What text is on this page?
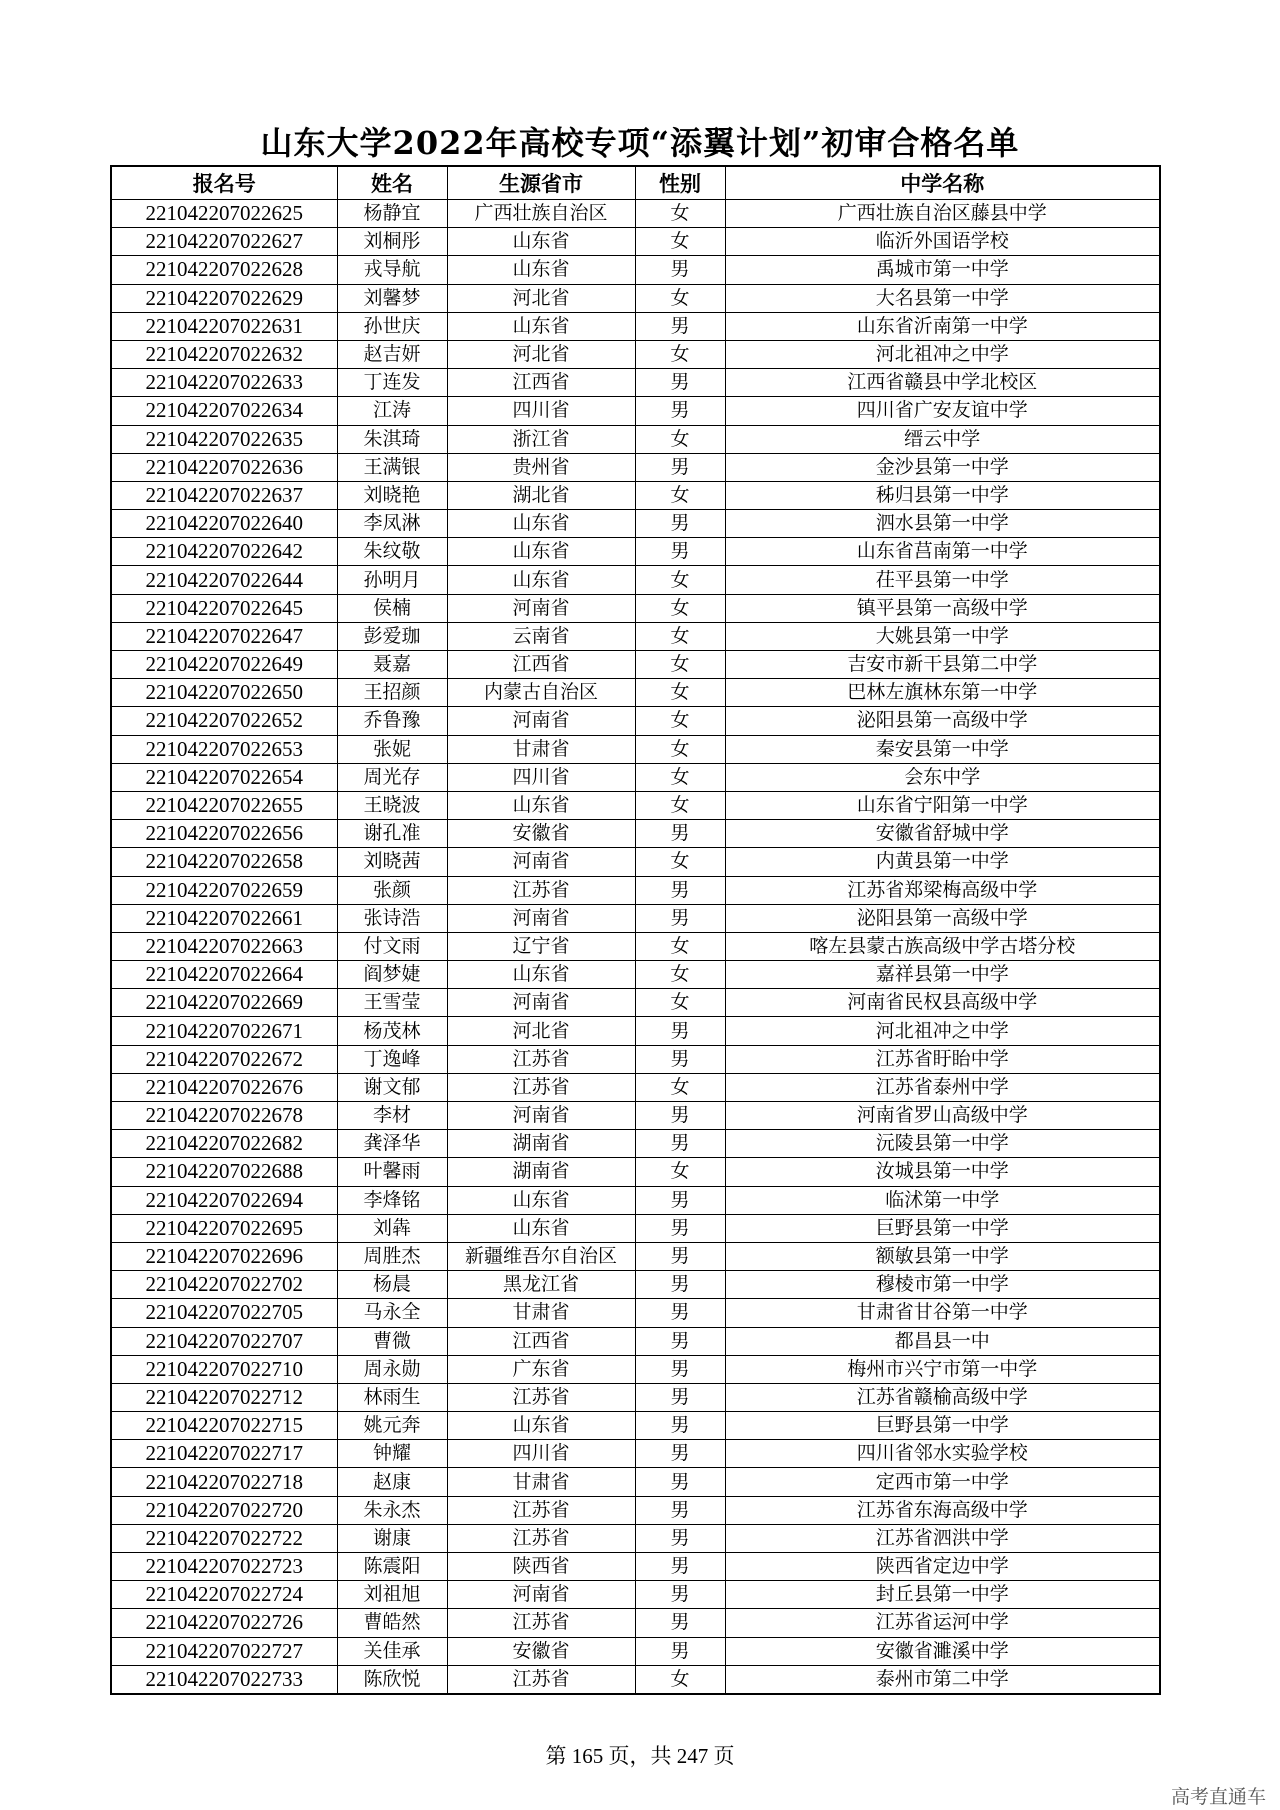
山东大学2022年高校专项“添翼计划”初审合格名单
报名号	姓名	生源省市	性别	中学名称
221042207022625	杨静宜	广西壮族自治区	女	广西壮族自治区藤县中学
221042207022627	刘桐彤	山东省	女	临沂外国语学校
221042207022628	戎导航	山东省	男	禹城市第一中学
221042207022629	刘馨梦	河北省	女	大名县第一中学
221042207022631	孙世庆	山东省	男	山东省沂南第一中学
221042207022632	赵吉妍	河北省	女	河北祖冲之中学
221042207022633	丁连发	江西省	男	江西省赣县中学北校区
221042207022634	江涛	四川省	男	四川省广安友谊中学
221042207022635	朱淇琦	浙江省	女	缙云中学
221042207022636	王满银	贵州省	男	金沙县第一中学
221042207022637	刘晓艳	湖北省	女	秭归县第一中学
221042207022640	李凤淋	山东省	男	泗水县第一中学
221042207022642	朱纹敬	山东省	男	山东省莒南第一中学
221042207022644	孙明月	山东省	女	茌平县第一中学
221042207022645	侯楠	河南省	女	镇平县第一高级中学
221042207022647	彭爱珈	云南省	女	大姚县第一中学
221042207022649	聂嘉	江西省	女	吉安市新干县第二中学
221042207022650	王招颜	内蒙古自治区	女	巴林左旗林东第一中学
221042207022652	乔鲁豫	河南省	女	泌阳县第一高级中学
221042207022653	张妮	甘肃省	女	秦安县第一中学
221042207022654	周光存	四川省	女	会东中学
221042207022655	王晓波	山东省	女	山东省宁阳第一中学
221042207022656	谢孔准	安徽省	男	安徽省舒城中学
221042207022658	刘晓茜	河南省	女	内黄县第一中学
221042207022659	张颜	江苏省	男	江苏省郑梁梅高级中学
221042207022661	张诗浩	河南省	男	泌阳县第一高级中学
221042207022663	付文雨	辽宁省	女	喀左县蒙古族高级中学古塔分校
221042207022664	阎梦婕	山东省	女	嘉祥县第一中学
221042207022669	王雪莹	河南省	女	河南省民权县高级中学
221042207022671	杨茂林	河北省	男	河北祖冲之中学
221042207022672	丁逸峰	江苏省	男	江苏省盱眙中学
221042207022676	谢文郁	江苏省	女	江苏省泰州中学
221042207022678	李材	河南省	男	河南省罗山高级中学
221042207022682	龚泽华	湖南省	男	沅陵县第一中学
221042207022688	叶馨雨	湖南省	女	汝城县第一中学
221042207022694	李烽铭	山东省	男	临沭第一中学
221042207022695	刘犇	山东省	男	巨野县第一中学
221042207022696	周胜杰	新疆维吾尔自治区	男	额敏县第一中学
221042207022702	杨晨	黑龙江省	男	穆棱市第一中学
221042207022705	马永全	甘肃省	男	甘肃省甘谷第一中学
221042207022707	曹微	江西省	男	都昌县一中
221042207022710	周永勋	广东省	男	梅州市兴宁市第一中学
221042207022712	林雨生	江苏省	男	江苏省赣榆高级中学
221042207022715	姚元奔	山东省	男	巨野县第一中学
221042207022717	钟耀	四川省	男	四川省邻水实验学校
221042207022718	赵康	甘肃省	男	定西市第一中学
221042207022720	朱永杰	江苏省	男	江苏省东海高级中学
221042207022722	谢康	江苏省	男	江苏省泗洪中学
221042207022723	陈震阳	陕西省	男	陕西省定边中学
221042207022724	刘祖旭	河南省	男	封丘县第一中学
221042207022726	曹皓然	江苏省	男	江苏省运河中学
221042207022727	关佳承	安徽省	男	安徽省濉溪中学
221042207022733	陈欣悦	江苏省	女	泰州市第二中学
第 165 页，共 247 页
高考直通车
